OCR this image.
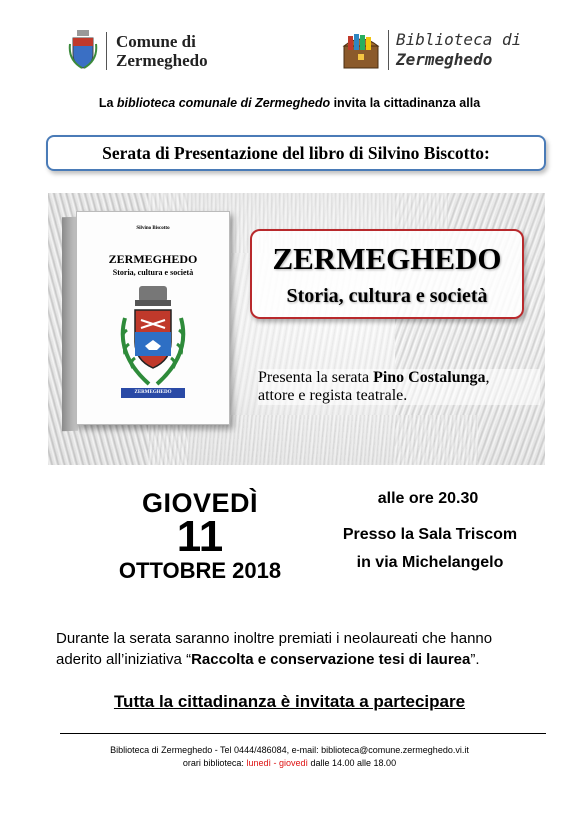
Comune di
Zermeghedo
Biblioteca di
Zermeghedo
La biblioteca comunale di Zermeghedo invita la cittadinanza alla
Serata di Presentazione del libro di Silvino Biscotto:
Silvino Biscotto
ZERMEGHEDO
Storia, cultura e società
ZERMEGHEDO
ZERMEGHEDO
Storia, cultura e società
Presenta la serata Pino Costalunga,
attore e regista teatrale.
GIOVEDÌ
11
OTTOBRE 2018
alle ore 20.30
Presso la Sala Triscom
in via Michelangelo
Durante la serata saranno inoltre premiati i neolaureati che hanno
aderito all’iniziativa “Raccolta e conservazione tesi di laurea”.
Tutta la cittadinanza è invitata a partecipare
Biblioteca di Zermeghedo - Tel 0444/486084, e-mail: biblioteca@comune.zermeghedo.vi.it
orari biblioteca: lunedì - giovedì dalle 14.00 alle 18.00
